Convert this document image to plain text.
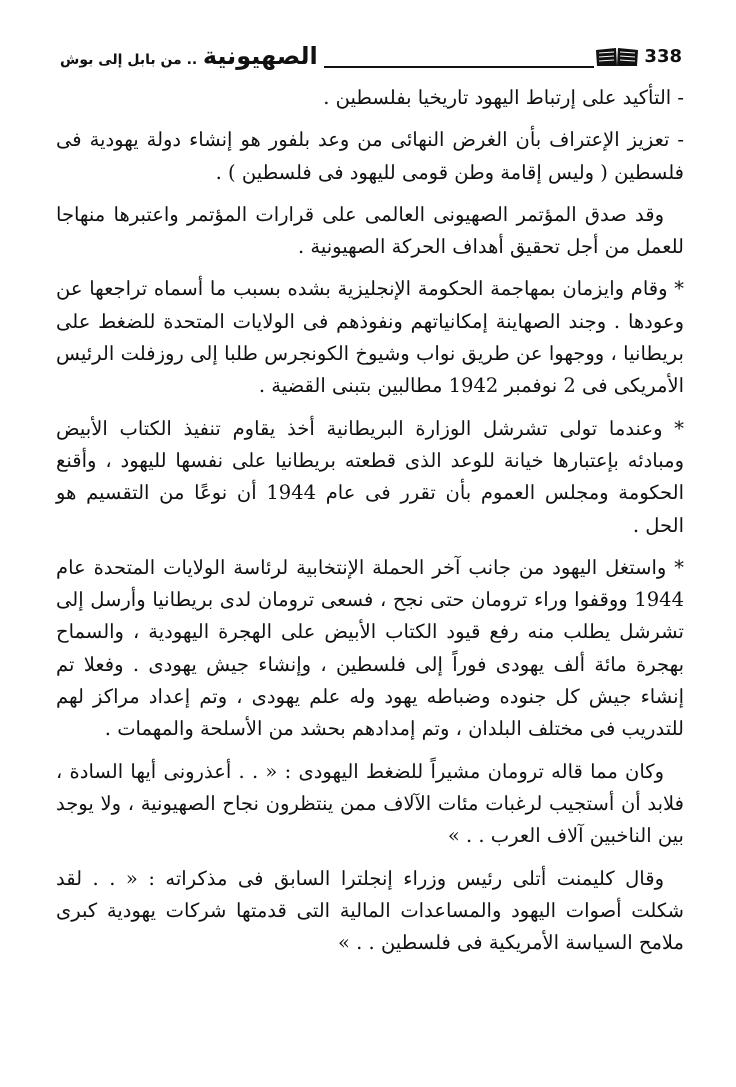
338
الصهيونية .. من بابل إلى بوش

- التأكيد على إرتباط اليهود تاريخيا بفلسطين .

- تعزيز الإعتراف بأن الغرض النهائى من وعد بلفور هو إنشاء دولة يهودية فى فلسطين ( وليس إقامة وطن قومى لليهود فى فلسطين ) .

وقد صدق المؤتمر الصهيونى العالمى على قرارات المؤتمر واعتبرها منهاجا للعمل من أجل تحقيق أهداف الحركة الصهيونية .

* وقام وايزمان بمهاجمة الحكومة الإنجليزية بشده بسبب ما أسماه تراجعها عن وعودها . وجند الصهاينة إمكانياتهم ونفوذهم فى الولايات المتحدة للضغط على بريطانيا ، ووجهوا عن طريق نواب وشيوخ الكونجرس طلبا إلى روزفلت الرئيس الأمريكى فى 2 نوفمبر 1942 مطالبين بتبنى القضية .

* وعندما تولى تشرشل الوزارة البريطانية أخذ يقاوم تنفيذ الكتاب الأبيض ومبادئه بإعتبارها خيانة للوعد الذى قطعته بريطانيا على نفسها لليهود ، وأقنع الحكومة ومجلس العموم بأن تقرر فى عام 1944 أن نوعًا من التقسيم هو الحل .

* واستغل اليهود من جانب آخر الحملة الإنتخابية لرئاسة الولايات المتحدة عام 1944 ووقفوا وراء ترومان حتى نجح ، فسعى ترومان لدى بريطانيا وأرسل إلى تشرشل يطلب منه رفع قيود الكتاب الأبيض على الهجرة اليهودية ، والسماح بهجرة مائة ألف يهودى فوراً إلى فلسطين ، وإنشاء جيش يهودى . وفعلا تم إنشاء جيش كل جنوده وضباطه يهود وله علم يهودى ، وتم إعداد مراكز لهم للتدريب فى مختلف البلدان ، وتم إمدادهم بحشد من الأسلحة والمهمات .

وكان مما قاله ترومان مشيراً للضغط اليهودى : « . . أعذرونى أيها السادة ، فلابد أن أستجيب لرغبات مئات الآلاف ممن ينتظرون نجاح الصهيونية ، ولا يوجد بين الناخبين آلاف العرب . . »

وقال كليمنت أتلى رئيس وزراء إنجلترا السابق فى مذكراته : « . . لقد شكلت أصوات اليهود والمساعدات المالية التى قدمتها شركات يهودية كبرى ملامح السياسة الأمريكية فى فلسطين . . »
